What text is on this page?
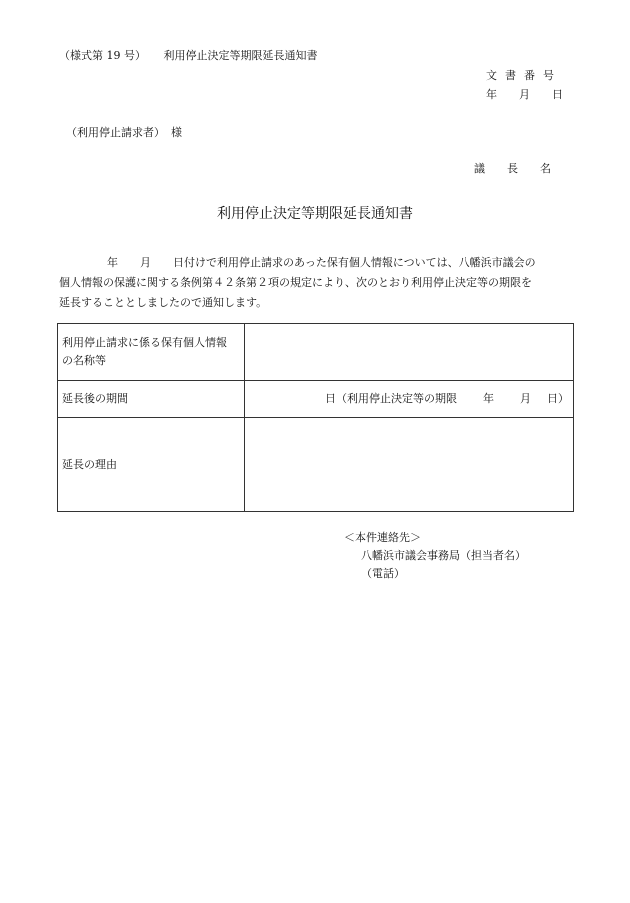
（様式第 19 号） 利用停止決定等期限延長通知書
文書番号
年 月 日
（利用停止請求者） 様
議 長 名
利用停止決定等期限延長通知書
年 月 日付けで利用停止請求のあった保有個人情報については、八幡浜市議会の
個人情報の保護に関する条例第４２条第２項の規定により、次のとおり利用停止決定等の期限を
延長することとしましたので通知します。
利用停止請求に係る保有個人情報
の名称等	
延長後の期間	日（利用停止決定等の期限 年 月 日）
延長の理由	
＜本件連絡先＞
八幡浜市議会事務局（担当者名）
（電話）
